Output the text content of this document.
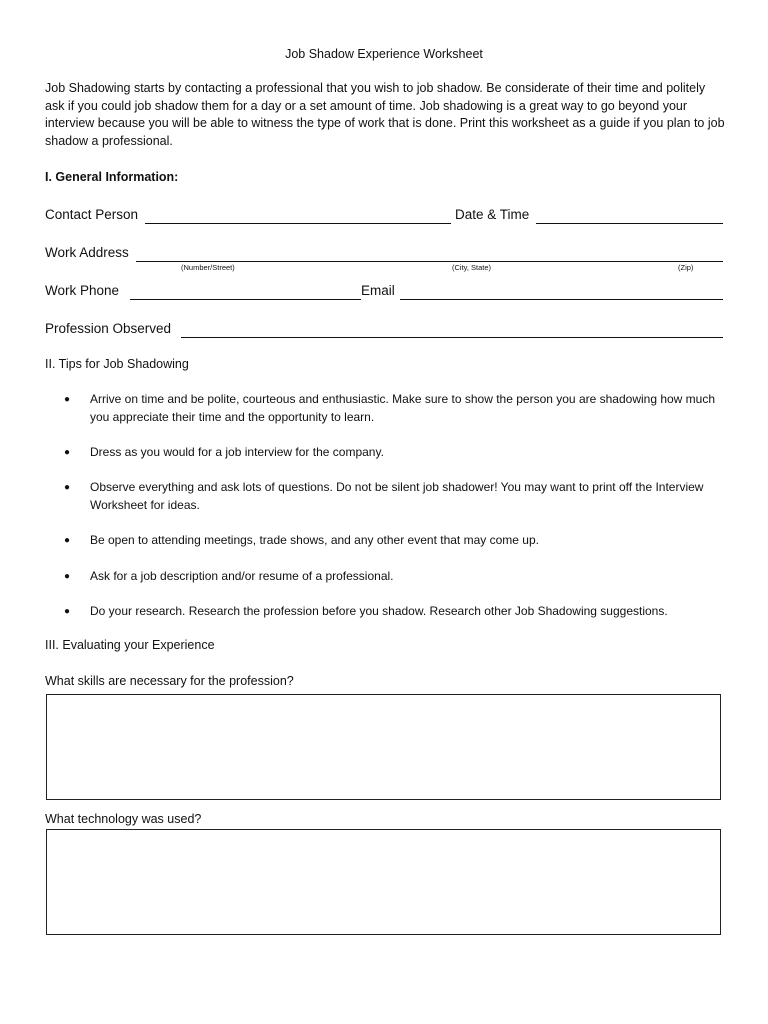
Job Shadow Experience Worksheet
Job Shadowing starts by contacting a professional that you wish to job shadow. Be considerate of their time and politely ask if you could job shadow them for a day or a set amount of time. Job shadowing is a great way to go beyond your interview because you will be able to witness the type of work that is done. Print this worksheet as a guide if you plan to job shadow a professional.
I. General Information:
Contact Person	Date & Time
Work Address
(Number/Street)	(City, State)	(Zip)
Work Phone	Email
Profession Observed
II. Tips for Job Shadowing
● Arrive on time and be polite, courteous and enthusiastic. Make sure to show the person you are shadowing how much you appreciate their time and the opportunity to learn.
● Dress as you would for a job interview for the company.
● Observe everything and ask lots of questions. Do not be silent job shadower! You may want to print off the Interview Worksheet for ideas.
● Be open to attending meetings, trade shows, and any other event that may come up.
● Ask for a job description and/or resume of a professional.
● Do your research. Research the profession before you shadow. Research other Job Shadowing suggestions.
III. Evaluating your Experience
What skills are necessary for the profession?
What technology was used?
